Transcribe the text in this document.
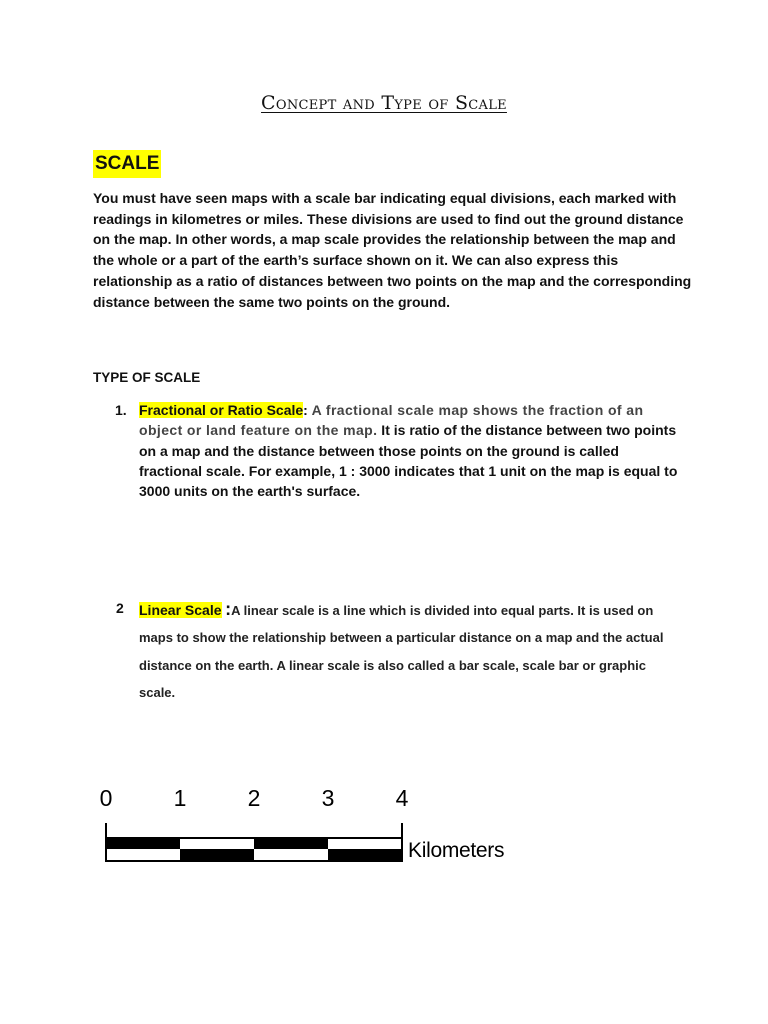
Concept and Type of Scale
SCALE

You must have seen maps with a scale bar indicating equal divisions, each marked with readings in kilometres or miles. These divisions are used to find out the ground distance on the map. In other words, a map scale provides the relationship between the map and the whole or a part of the earth’s surface shown on it. We can also express this relationship as a ratio of distances between two points on the map and the corresponding distance between the same two points on the ground.

TYPE OF SCALE
1. Fractional or Ratio Scale: A fractional scale map shows the fraction of an object or land feature on the map. It is ratio of the distance between two points on a map and the distance between those points on the ground is called fractional scale. For example, 1 : 3000 indicates that 1 unit on the map is equal to 3000 units on the earth's surface.

2 Linear Scale :A linear scale is a line which is divided into equal parts. It is used on maps to show the relationship between a particular distance on a map and the actual distance on the earth. A linear scale is also called a bar scale, scale bar or graphic scale.

0	1	2	3	4
Kilometers
